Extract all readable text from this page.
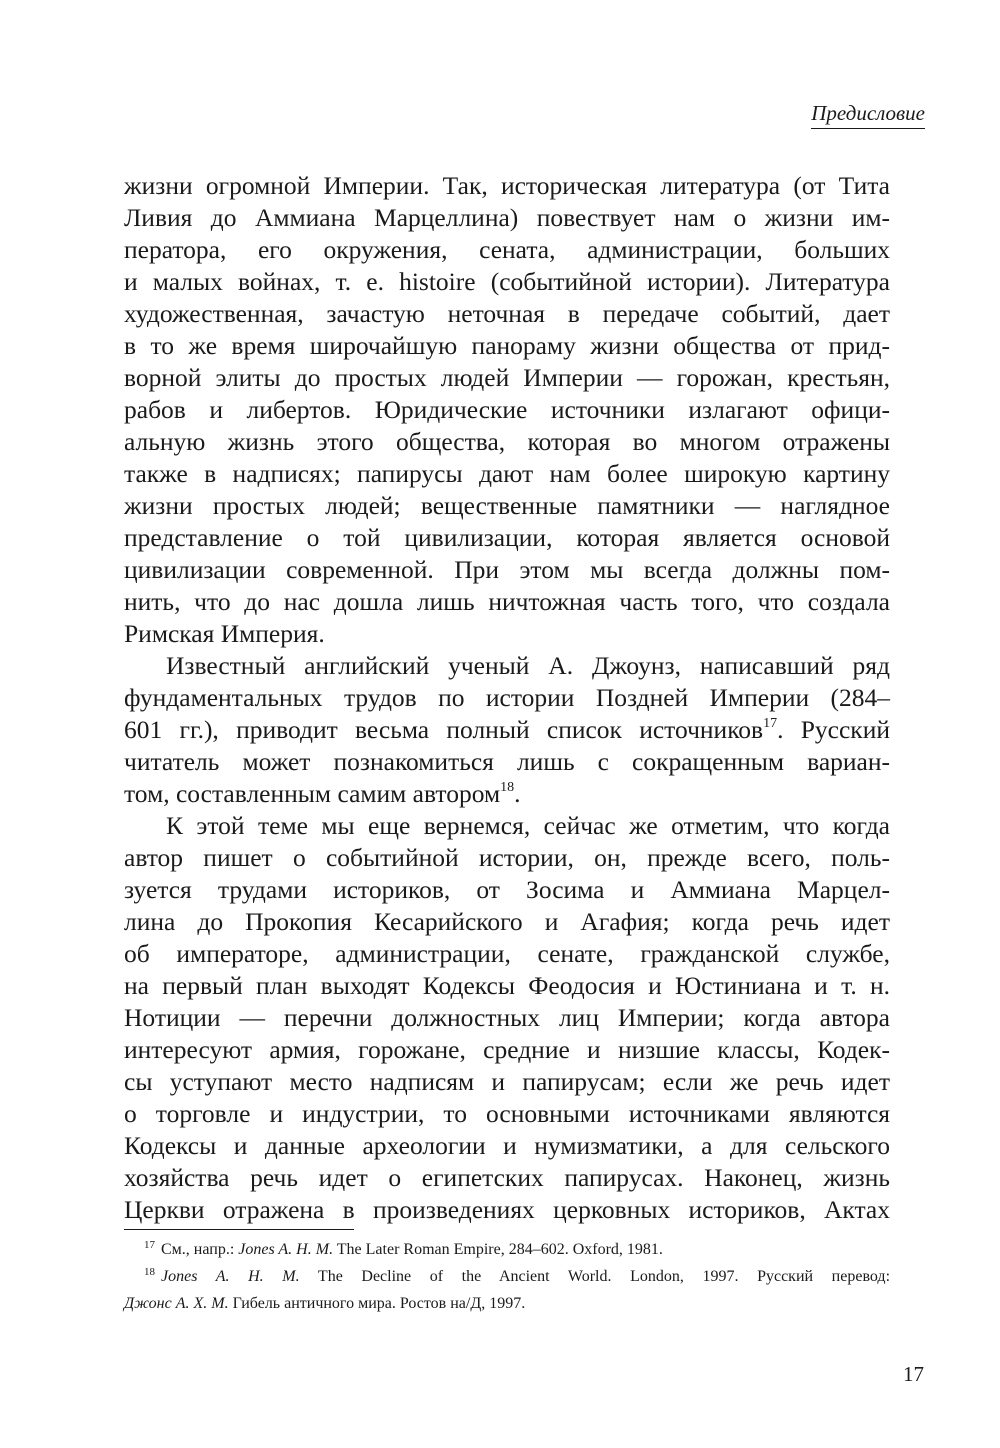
Предисловие
жизни огромной Империи. Так, историческая литература (от Тита
Ливия до Аммиана Марцеллина) повествует нам о жизни им-
ператора, его окружения, сената, администрации, больших
и малых войнах, т. е. histoire (событийной истории). Литература
художественная, зачастую неточная в передаче событий, дает
в то же время широчайшую панораму жизни общества от прид-
ворной элиты до простых людей Империи — горожан, крестьян,
рабов и либертов. Юридические источники излагают офици-
альную жизнь этого общества, которая во многом отражены
также в надписях; папирусы дают нам более широкую картину
жизни простых людей; вещественные памятники — наглядное
представление о той цивилизации, которая является основой
цивилизации современной. При этом мы всегда должны пом-
нить, что до нас дошла лишь ничтожная часть того, что создала
Римская Империя.
Известный английский ученый А. Джоунз, написавший ряд
фундаментальных трудов по истории Поздней Империи (284–
601 гг.), приводит весьма полный список источников$^{17}$. Русский
читатель может познакомиться лишь с сокращенным вариан-
том, составленным самим автором$^{18}$.
К этой теме мы еще вернемся, сейчас же отметим, что когда
автор пишет о событийной истории, он, прежде всего, поль-
зуется трудами историков, от Зосима и Аммиана Марцел-
лина до Прокопия Кесарийского и Агафия; когда речь идет
об императоре, администрации, сенате, гражданской службе,
на первый план выходят Кодексы Феодосия и Юстиниана и т. н.
Нотиции — перечни должностных лиц Империи; когда автора
интересуют армия, горожане, средние и низшие классы, Кодек-
сы уступают место надписям и папирусам; если же речь идет
о торговле и индустрии, то основными источниками являются
Кодексы и данные археологии и нумизматики, а для сельского
хозяйства речь идет о египетских папирусах. Наконец, жизнь
Церкви отражена в произведениях церковных историков, Актах
$^{17}$ См., напр.: Jones A. H. M. The Later Roman Empire, 284–602. Oxford, 1981.
$^{18}$ Jones A. H. M. The Decline of the Ancient World. London, 1997. Русский перевод:
Джонс А. Х. М. Гибель античного мира. Ростов на/Д, 1997.
17
